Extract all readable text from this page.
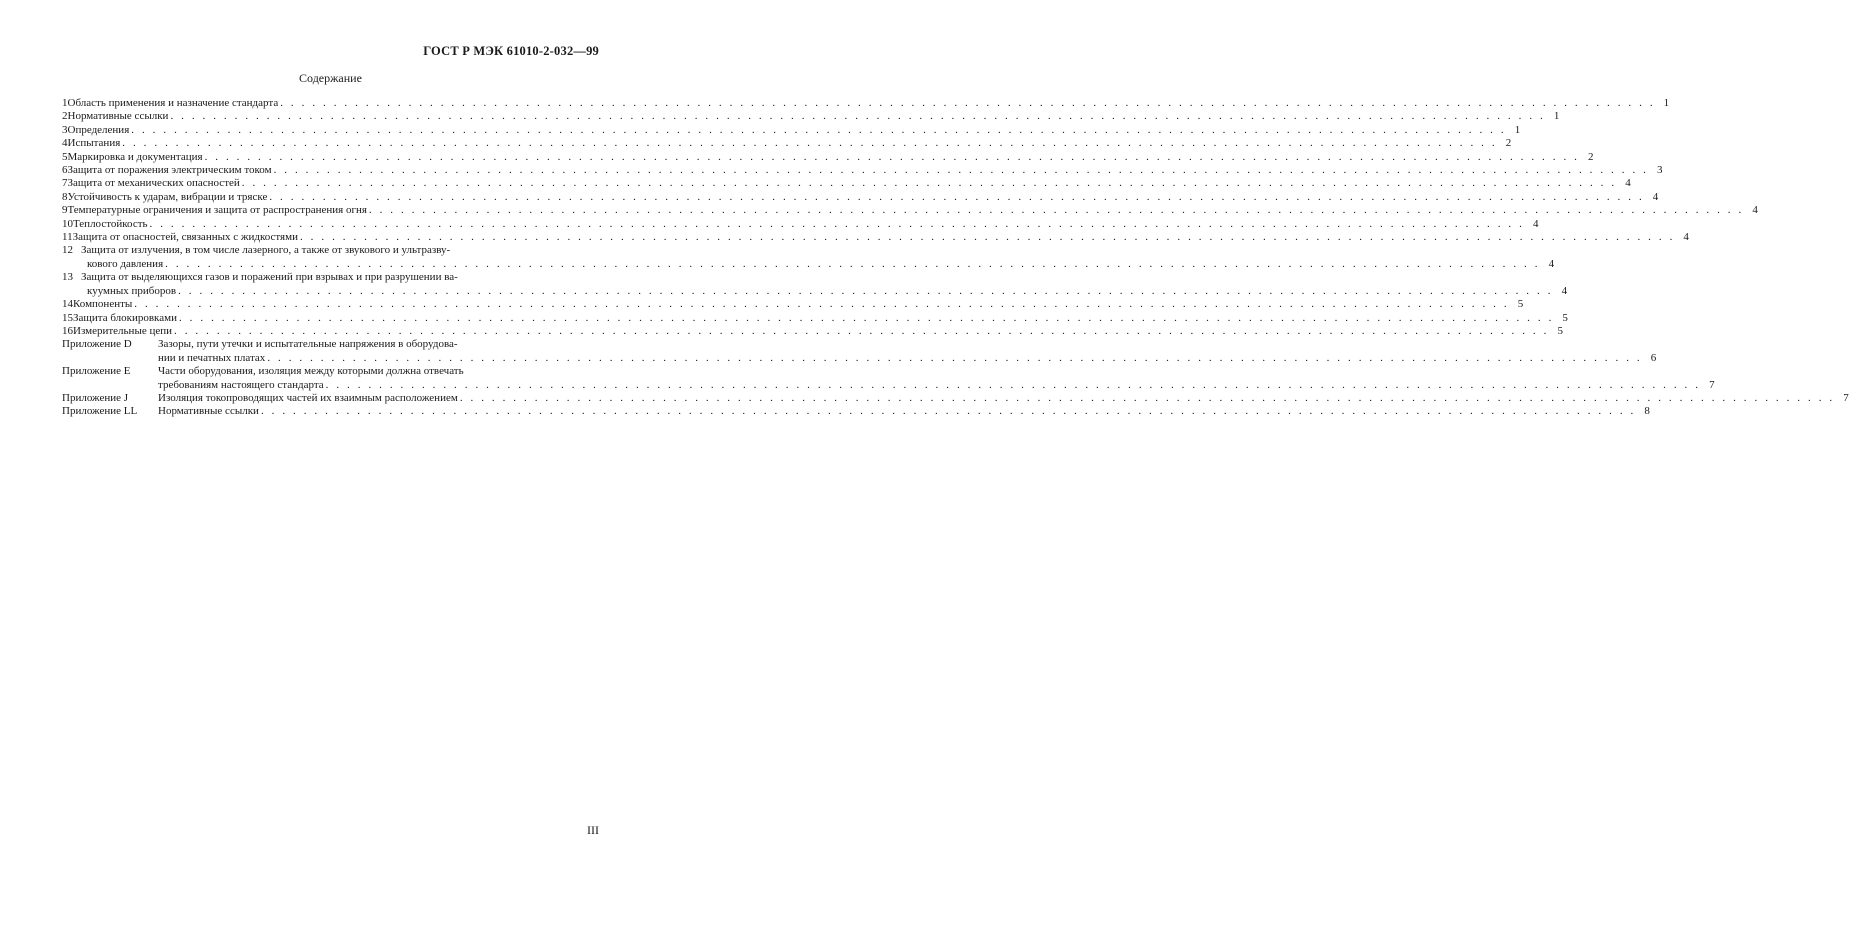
ГОСТ Р МЭК 61010-2-032—99
Содержание
1 Область применения и назначение стандарта . . .	1
2 Нормативные ссылки . . .	1
3 Определения . . .	1
4 Испытания . . .	2
5 Маркировка и документация . . .	2
6 Защита от поражения электрическим током . . .	3
7 Защита от механических опасностей . . .	4
8 Устойчивость к ударам, вибрации и тряске . . .	4
9 Температурные ограничения и защита от распространения огня . . .	4
10 Теплостойкость . . .	4
11 Защита от опасностей, связанных с жидкостями . . .	4
12 Защита от излучения, в том числе лазерного, а также от звукового и ультразву-
кового давления . . .	4
13 Защита от выделяющихся газов и поражений при взрывах и при разрушении ва-
куумных приборов . . .	4
14 Компоненты . . .	5
15 Защита блокировками . . .	5
16 Измерительные цепи . . .	5
Приложение D	Зазоры, пути утечки и испытательные напряжения в оборудова-
нии и печатных платах . . .	6
Приложение E	Части оборудования, изоляция между которыми должна отвечать
требованиям настоящего стандарта . . .	7
Приложение J	Изоляция токопроводящих частей их взаимным расположением . . .	7
Приложение LL	Нормативные ссылки . . .	8
III
